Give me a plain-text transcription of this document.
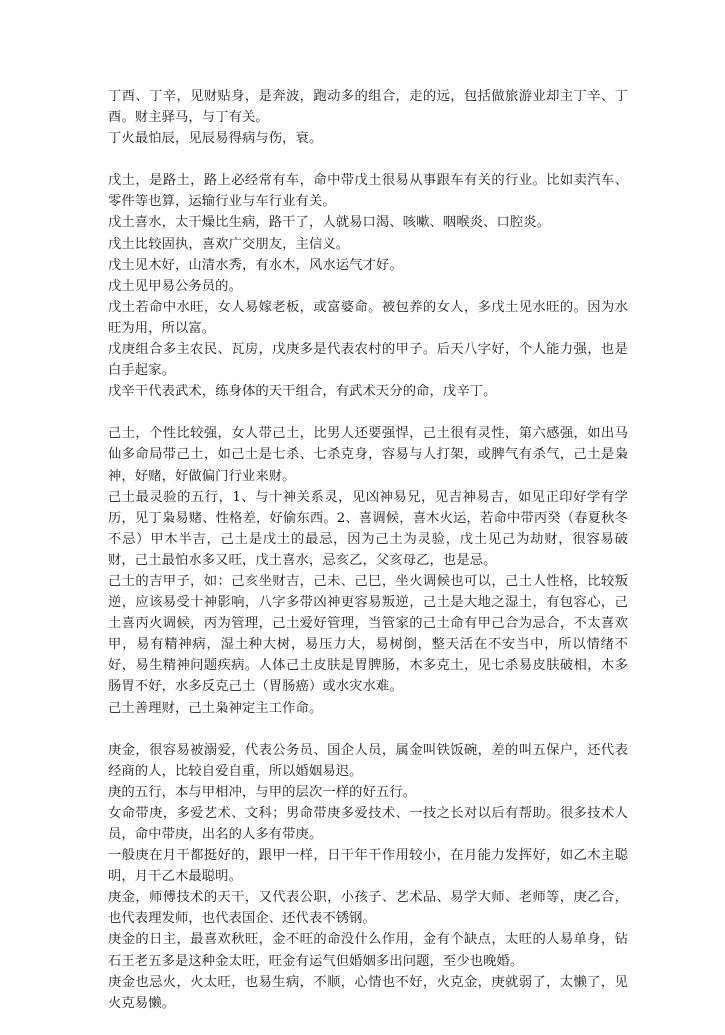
丁酉、丁辛，见财贴身，是奔波，跑动多的组合，走的远，包括做旅游业却主丁辛、丁酉。财主驿马，与丁有关。

丁火最怕辰，见辰易得病与伤，衰。

戊土，是路土，路上必经常有车，命中带戊土很易从事跟车有关的行业。比如卖汽车、零件等也算，运输行业与车行业有关。

戊土喜水，太干燥比生病，路干了，人就易口渴、咳嗽、咽喉炎、口腔炎。

戊土比较固执，喜欢广交朋友，主信义。

戊土见木好，山清水秀，有水木，风水运气才好。

戊土见甲易公务员的。

戊土若命中水旺，女人易嫁老板，或富婆命。被包养的女人，多戊土见水旺的。因为水旺为用，所以富。

戊庚组合多主农民、瓦房，戊庚多是代表农村的甲子。后天八字好，个人能力强，也是白手起家。

戊辛干代表武术，练身体的天干组合，有武术天分的命，戊辛丁。

己土，个性比较强，女人带己土，比男人还要强悍，己土很有灵性，第六感强，如出马仙多命局带己土，如己土是七杀、七杀克身，容易与人打架，或脾气有杀气，己土是枭神，好赌，好做偏门行业来财。

己土最灵验的五行，1、与十神关系灵，见凶神易兄，见吉神易吉，如见正印好学有学历，见丁枭易赌、性格差，好偷东西。2、喜调候，喜木火运，若命中带丙癸（春夏秋冬不忌）甲木半吉，己土是戊土的最忌，因为己土为灵验，戊土见己为劫财，很容易破财，己土最怕水多又旺，戊土喜水，忌亥乙，父亥母乙，也是忌。

己土的吉甲子，如：己亥坐财吉，己未、己巳，坐火调候也可以，己土人性格，比较叛逆，应该易受十神影响，八字多带凶神更容易叛逆，己土是大地之湿土，有包容心，己土喜丙火调候，丙为管理，己土爱好管理，当管家的己土命有甲己合为忌合，不太喜欢甲，易有精神病，湿土种大树，易压力大，易树倒，整天活在不安当中，所以情绪不好，易生精神问题疾病。人体己土皮肤是胃脾肠，木多克土，见七杀易皮肤破相，木多肠胃不好，水多反克己土（胃肠癌）或水灾水难。

己土善理财，己土枭神定主工作命。

庚金，很容易被溺爱，代表公务员、国企人员，属金叫铁饭碗，差的叫五保户，还代表经商的人，比较自爱自重，所以婚姻易迟。

庚的五行，本与甲相冲，与甲的层次一样的好五行。

女命带庚，多爱艺术、文科；男命带庚多爱技术、一技之长对以后有帮助。很多技术人员，命中带庚，出名的人多有带庚。

一般庚在月干都挺好的，跟甲一样，日干年干作用较小，在月能力发挥好，如乙木主聪明，月干乙木最聪明。

庚金，师傅技术的天干，又代表公职，小孩子、艺术品、易学大师、老师等，庚乙合，也代表理发师，也代表国企、还代表不锈钢。

庚金的日主，最喜欢秋旺，金不旺的命没什么作用，金有个缺点，太旺的人易单身，钻石王老五多是这种金太旺，旺金有运气但婚姻多出问题，至少也晚婚。

庚金也忌火，火太旺，也易生病，不顺，心情也不好，火克金，庚就弱了，太懒了，见火克易懒。
